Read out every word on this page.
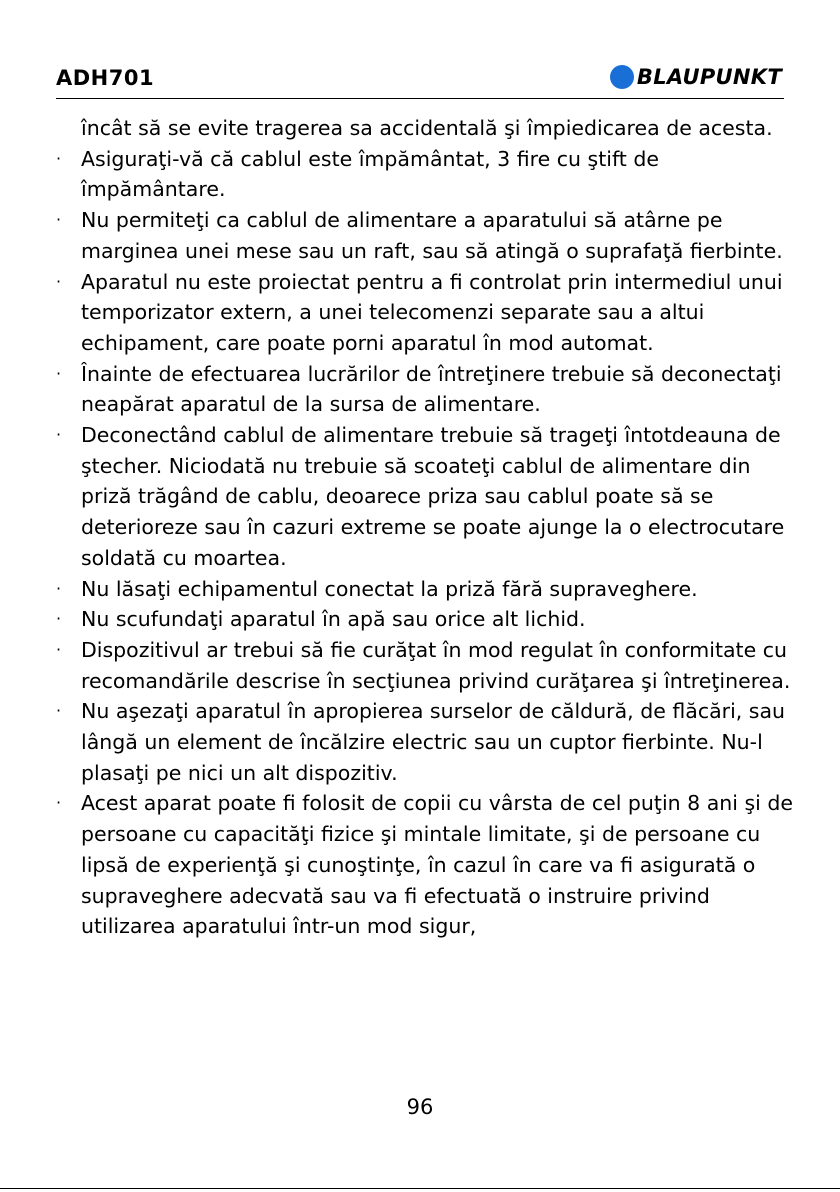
ADH701	BLAUPUNKT
încât să se evite tragerea sa accidentală şi împiedicarea de acesta.
· Asiguraţi-vă că cablul este împământat, 3 fire cu ştift de împământare.
· Nu permiteţi ca cablul de alimentare a aparatului să atârne pe marginea unei mese sau un raft, sau să atingă o suprafaţă fierbinte.
· Aparatul nu este proiectat pentru a fi controlat prin intermediul unui temporizator extern, a unei telecomenzi separate sau a altui echipament, care poate porni aparatul în mod automat.
· Înainte de efectuarea lucrărilor de întreţinere trebuie să deconectaţi neapărat aparatul de la sursa de alimentare.
· Deconectând cablul de alimentare trebuie să trageţi întotdeauna de ştecher. Niciodată nu trebuie să scoateţi cablul de alimentare din priză trăgând de cablu, deoarece priza sau cablul poate să se deterioreze sau în cazuri extreme se poate ajunge la o electrocutare soldată cu moartea.
· Nu lăsaţi echipamentul conectat la priză fără supraveghere.
· Nu scufundaţi aparatul în apă sau orice alt lichid.
· Dispozitivul ar trebui să fie curăţat în mod regulat în conformitate cu recomandările descrise în secţiunea privind curăţarea şi întreţinerea.
· Nu aşezaţi aparatul în apropierea surselor de căldură, de flăcări, sau lângă un element de încălzire electric sau un cuptor fierbinte. Nu-l plasaţi pe nici un alt dispozitiv.
· Acest aparat poate fi folosit de copii cu vârsta de cel puţin 8 ani şi de persoane cu capacităţi fizice şi mintale limitate, şi de persoane cu lipsă de experienţă şi cunoştinţe, în cazul în care va fi asigurată o supraveghere adecvată sau va fi efectuată o instruire privind utilizarea aparatului într-un mod sigur,
96
